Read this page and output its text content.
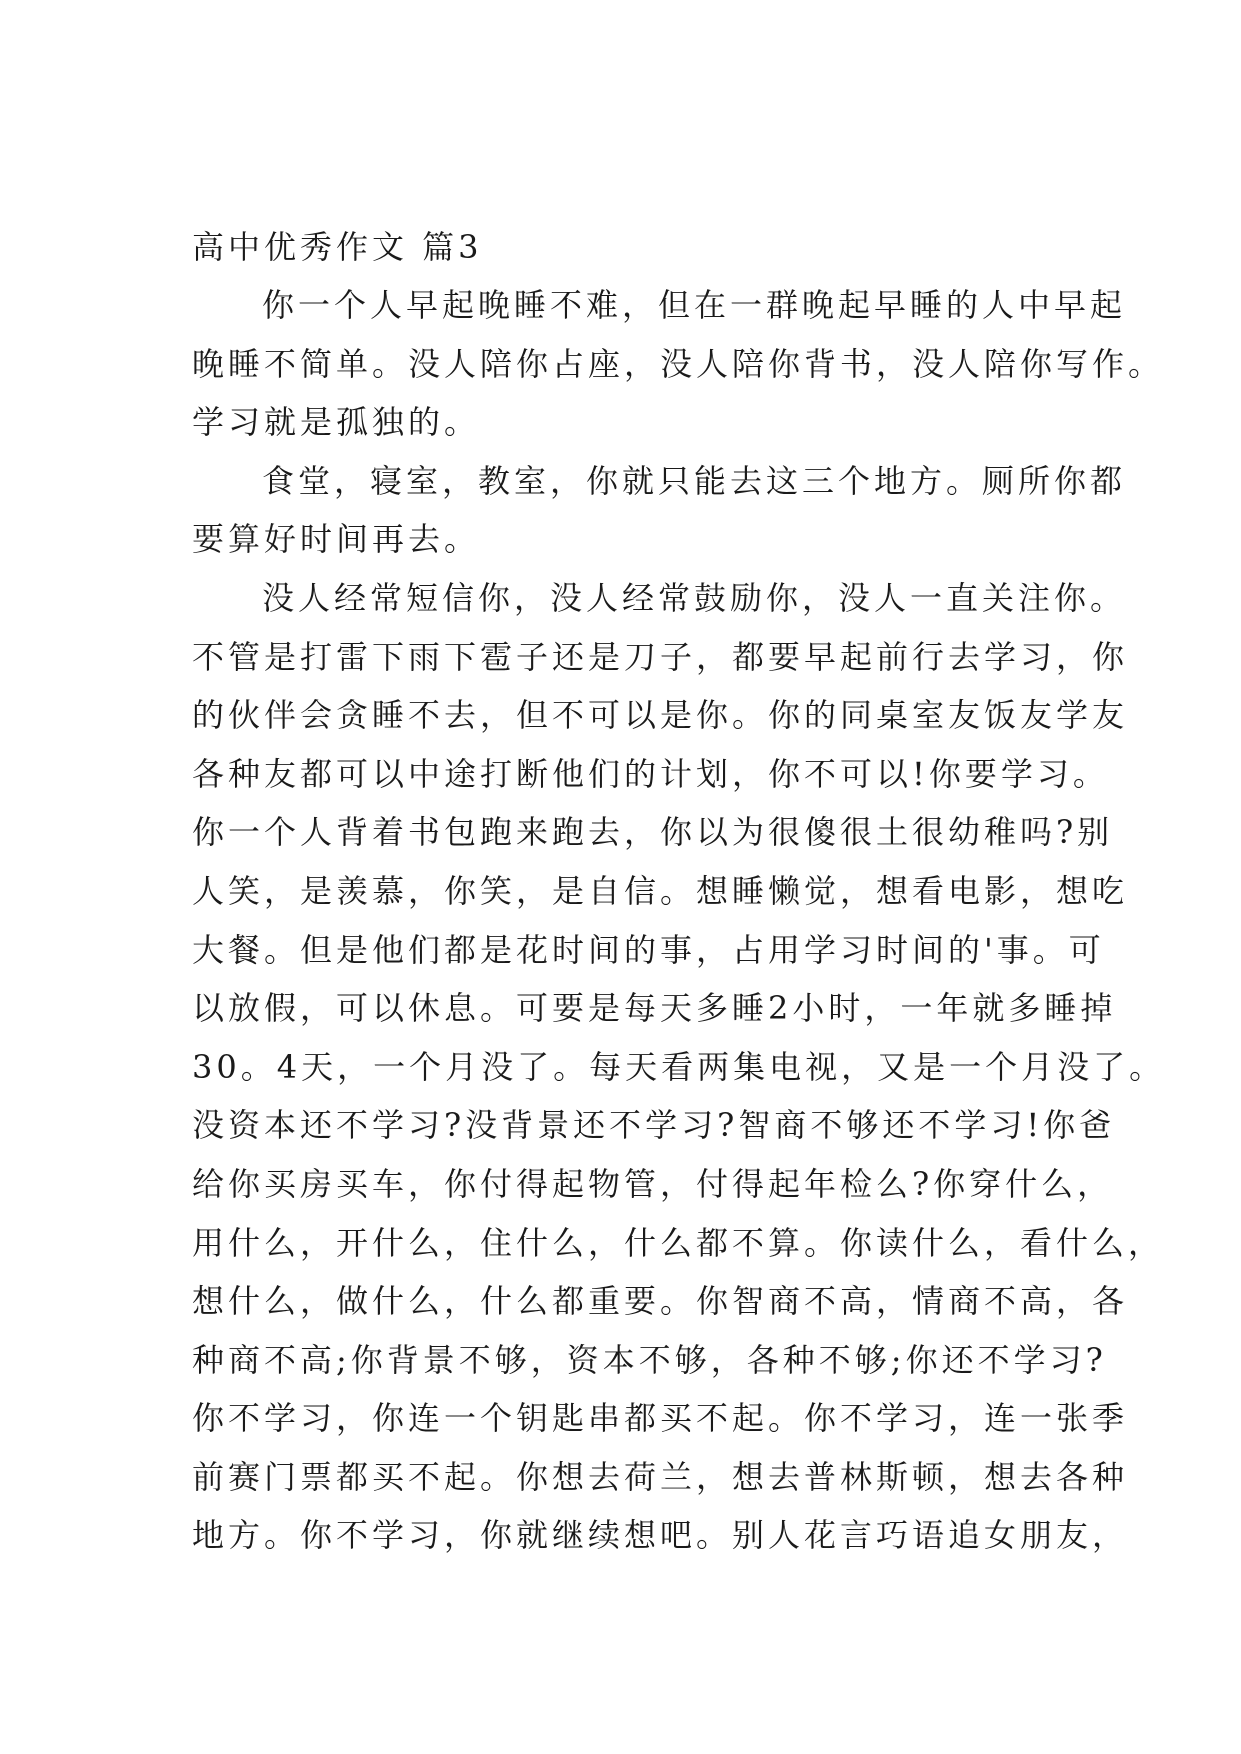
高中优秀作文 篇3
你一个人早起晚睡不难，但在一群晚起早睡的人中早起
晚睡不简单。没人陪你占座，没人陪你背书，没人陪你写作。
学习就是孤独的。
食堂，寝室，教室，你就只能去这三个地方。厕所你都
要算好时间再去。
没人经常短信你，没人经常鼓励你，没人一直关注你。
不管是打雷下雨下雹子还是刀子，都要早起前行去学习，你
的伙伴会贪睡不去，但不可以是你。你的同桌室友饭友学友
各种友都可以中途打断他们的计划，你不可以!你要学习。
你一个人背着书包跑来跑去，你以为很傻很土很幼稚吗?别
人笑，是羡慕，你笑，是自信。想睡懒觉，想看电影，想吃
大餐。但是他们都是花时间的事，占用学习时间的'事。可
以放假，可以休息。可要是每天多睡2小时，一年就多睡掉
30。4天，一个月没了。每天看两集电视，又是一个月没了。
没资本还不学习?没背景还不学习?智商不够还不学习!你爸
给你买房买车，你付得起物管，付得起年检么?你穿什么，
用什么，开什么，住什么，什么都不算。你读什么，看什么，
想什么，做什么，什么都重要。你智商不高，情商不高，各
种商不高;你背景不够，资本不够，各种不够;你还不学习?
你不学习，你连一个钥匙串都买不起。你不学习，连一张季
前赛门票都买不起。你想去荷兰，想去普林斯顿，想去各种
地方。你不学习，你就继续想吧。别人花言巧语追女朋友，
